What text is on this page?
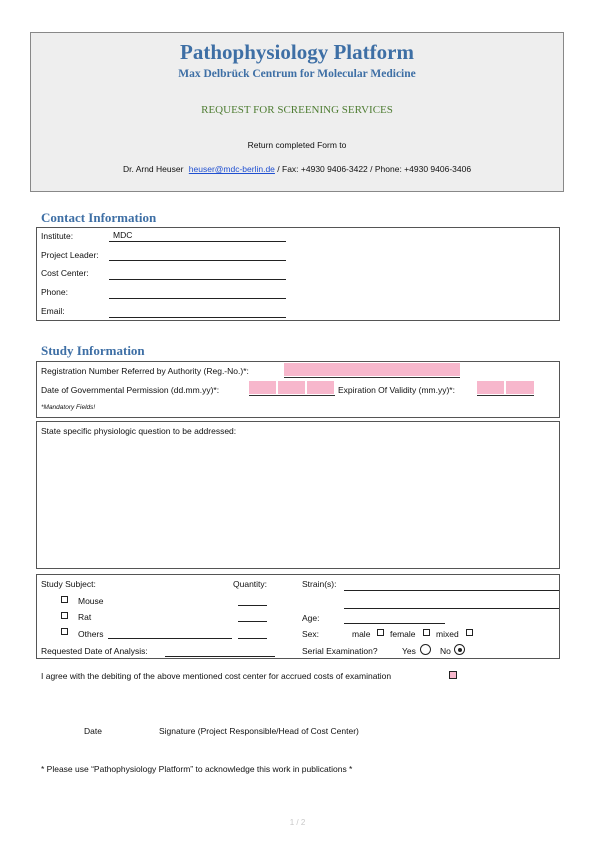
Pathophysiology Platform
Max Delbrück Centrum for Molecular Medicine
REQUEST FOR SCREENING SERVICES
Return completed Form to
Dr. Arnd Heuser heuser@mdc-berlin.de / Fax: +4930 9406-3422 / Phone: +4930 9406-3406
Contact Information
Institute:	MDC
Project Leader:
Cost Center:
Phone:
Email:
Study Information
Registration Number Referred by Authority (Reg.-No.)*:
Date of Governmental Permission (dd.mm.yy)*:	Expiration Of Validity (mm.yy)*:
*Mandatory Fields!
State specific physiologic question to be addressed:
Study Subject:	Quantity:	Strain(s):
Mouse
Rat	Age:
Others	Sex:	male female mixed
Requested Date of Analysis:	Serial Examination?	Yes	No
I agree with the debiting of the above mentioned cost center for accrued costs of examination
Date	Signature (Project Responsible/Head of Cost Center)
* Please use “Pathophysiology Platform” to acknowledge this work in publications *
1 / 2
